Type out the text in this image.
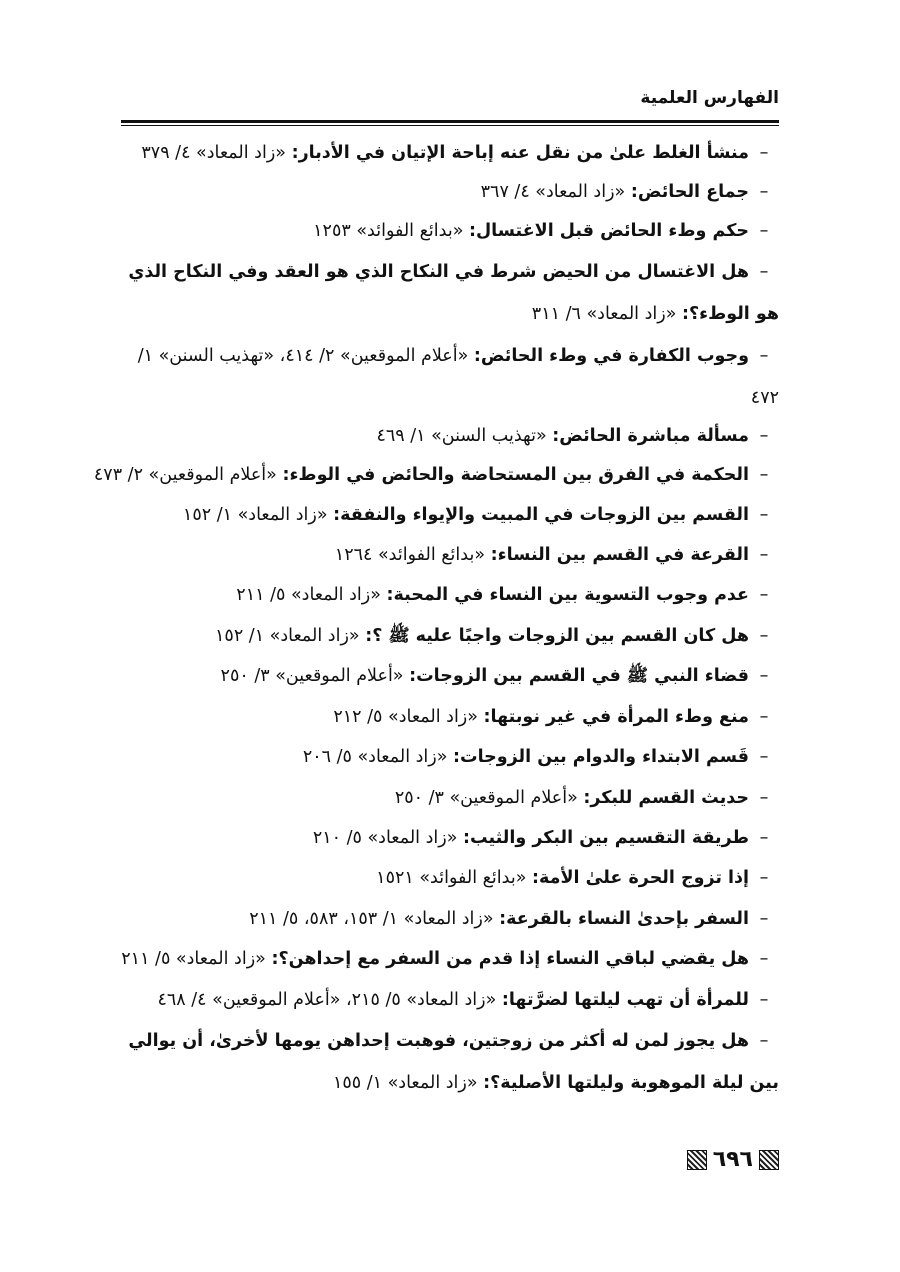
الفهارس العلمية
–منشأ الغلط علىٰ من نقل عنه إباحة الإتيان في الأدبار: «زاد المعاد» ٤/ ٣٧٩
–جماع الحائض: «زاد المعاد» ٤/ ٣٦٧
–حكم وطء الحائض قبل الاغتسال: «بدائع الفوائد» ١٢٥٣
–هل الاغتسال من الحيض شرط في النكاح الذي هو العقد وفي النكاح الذي هو الوطء؟: «زاد المعاد» ٦/ ٣١١
–وجوب الكفارة في وطء الحائض: «أعلام الموقعين» ٢/ ٤١٤، «تهذيب السنن» ١/ ٤٧٢
–مسألة مباشرة الحائض: «تهذيب السنن» ١/ ٤٦٩
–الحكمة في الفرق بين المستحاضة والحائض في الوطء: «أعلام الموقعين» ٢/ ٤٧٣
–القسم بين الزوجات في المبيت والإيواء والنفقة: «زاد المعاد» ١/ ١٥٢
–القرعة في القسم بين النساء: «بدائع الفوائد» ١٢٦٤
–عدم وجوب التسوية بين النساء في المحبة: «زاد المعاد» ٥/ ٢١١
–هل كان القسم بين الزوجات واجبًا عليه ﷺ ؟: «زاد المعاد» ١/ ١٥٢
–قضاء النبي ﷺ في القسم بين الزوجات: «أعلام الموقعين» ٣/ ٢٥٠
–منع وطء المرأة في غير نوبتها: «زاد المعاد» ٥/ ٢١٢
–قَسم الابتداء والدوام بين الزوجات: «زاد المعاد» ٥/ ٢٠٦
–حديث القسم للبكر: «أعلام الموقعين» ٣/ ٢٥٠
–طريقة التقسيم بين البكر والثيب: «زاد المعاد» ٥/ ٢١٠
–إذا تزوج الحرة علىٰ الأمة: «بدائع الفوائد» ١٥٢١
–السفر بإحدىٰ النساء بالقرعة: «زاد المعاد» ١/ ١٥٣، ٥٨٣، ٥/ ٢١١
–هل يقضي لباقي النساء إذا قدم من السفر مع إحداهن؟: «زاد المعاد» ٥/ ٢١١
–للمرأة أن تهب ليلتها لضرَّتها: «زاد المعاد» ٥/ ٢١٥، «أعلام الموقعين» ٤/ ٤٦٨
–هل يجوز لمن له أكثر من زوجتين، فوهبت إحداهن يومها لأخرىٰ، أن يوالي بين ليلة الموهوبة وليلتها الأصلية؟: «زاد المعاد» ١/ ١٥٥
٦٩٦
